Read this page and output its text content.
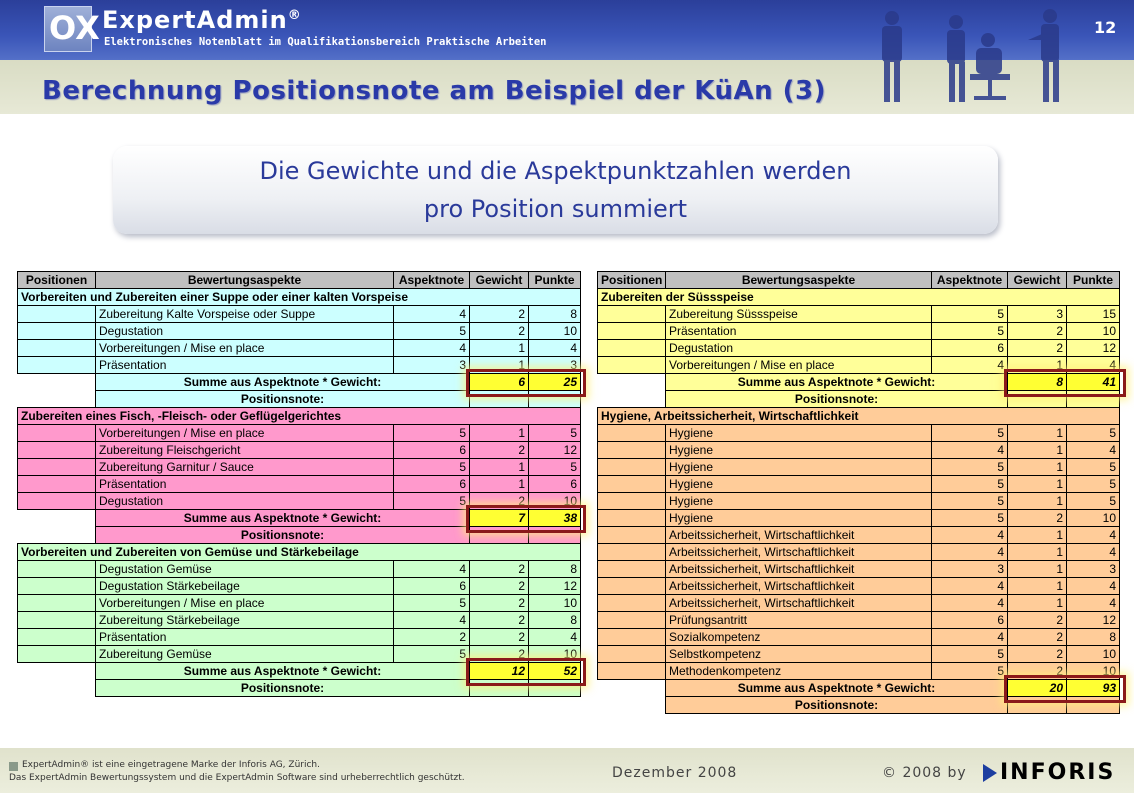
OX ExpertAdmin®
Elektronisches Notenblatt im Qualifikationsbereich Praktische Arbeiten
12
Berechnung Positionsnote am Beispiel der KüAn (3)
Die Gewichte und die Aspektpunktzahlen werden
pro Position summiert
Positionen	Bewertungsaspekte	Aspektnote	Gewicht	Punkte
Vorbereiten und Zubereiten einer Suppe oder einer kalten Vorspeise				
	Zubereitung Kalte Vorspeise oder Suppe	4	2	8
	Degustation	5	2	10
	Vorbereitungen / Mise en place	4	1	4
	Präsentation	3	1	3
	Summe aus Aspektnote * Gewicht:		6	25
	Positionsnote:			
Zubereiten eines Fisch, -Fleisch- oder Geflügelgerichtes				
	Vorbereitungen / Mise en place	5	1	5
	Zubereitung Fleischgericht	6	2	12
	Zubereitung Garnitur / Sauce	5	1	5
	Präsentation	6	1	6
	Degustation	5	2	10
	Summe aus Aspektnote * Gewicht:		7	38
	Positionsnote:			
Vorbereiten und Zubereiten von Gemüse und Stärkebeilage				
	Degustation Gemüse	4	2	8
	Degustation Stärkebeilage	6	2	12
	Vorbereitungen / Mise en place	5	2	10
	Zubereitung Stärkebeilage	4	2	8
	Präsentation	2	2	4
	Zubereitung Gemüse	5	2	10
	Summe aus Aspektnote * Gewicht:		12	52
	Positionsnote:			
Positionen	Bewertungsaspekte	Aspektnote	Gewicht	Punkte
Zubereiten der Süssspeise				
	Zubereitung Süssspeise	5	3	15
	Präsentation	5	2	10
	Degustation	6	2	12
	Vorbereitungen / Mise en place	4	1	4
	Summe aus Aspektnote * Gewicht:		8	41
	Positionsnote:			
Hygiene, Arbeitssicherheit, Wirtschaftlichkeit				
	Hygiene	5	1	5
	Hygiene	4	1	4
	Hygiene	5	1	5
	Hygiene	5	1	5
	Hygiene	5	1	5
	Hygiene	5	2	10
	Arbeitssicherheit, Wirtschaftlichkeit	4	1	4
	Arbeitssicherheit, Wirtschaftlichkeit	4	1	4
	Arbeitssicherheit, Wirtschaftlichkeit	3	1	3
	Arbeitssicherheit, Wirtschaftlichkeit	4	1	4
	Arbeitssicherheit, Wirtschaftlichkeit	4	1	4
	Prüfungsantritt	6	2	12
	Sozialkompetenz	4	2	8
	Selbstkompetenz	5	2	10
	Methodenkompetenz	5	2	10
	Summe aus Aspektnote * Gewicht:		20	93
	Positionsnote:			
ExpertAdmin® ist eine eingetragene Marke der Inforis AG, Zürich.
Das ExpertAdmin Bewertungssystem und die ExpertAdmin Software sind urheberrechtlich geschützt.	Dezember 2008	© 2008 by INFORIS
